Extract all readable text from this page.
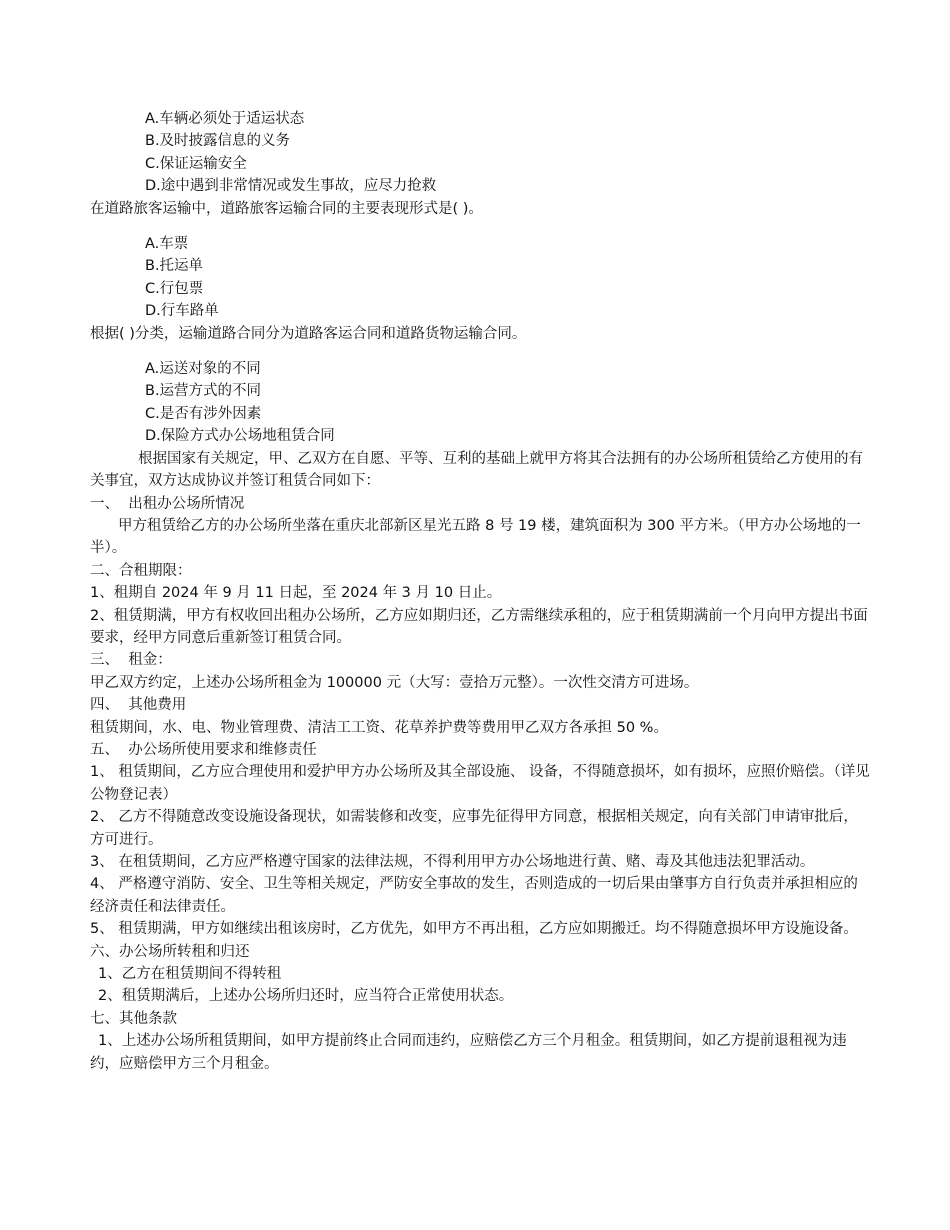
A.车辆必须处于适运状态
B.及时披露信息的义务
C.保证运输安全
D.途中遇到非常情况或发生事故，应尽力抢救
在道路旅客运输中，道路旅客运输合同的主要表现形式是( )。
A.车票
B.托运单
C.行包票
D.行车路单
根据( )分类，运输道路合同分为道路客运合同和道路货物运输合同。
A.运送对象的不同
B.运营方式的不同
C.是否有涉外因素
D.保险方式办公场地租赁合同
根据国家有关规定，甲、乙双方在自愿、平等、互利的基础上就甲方将其合法拥有的办公场所租赁给乙方使用的有关事宜，双方达成协议并签订租赁合同如下：
一、  出租办公场所情况
甲方租赁给乙方的办公场所坐落在重庆北部新区星光五路 8 号 19 楼，建筑面积为 300 平方米。（甲方办公场地的一半）。
二、合租期限：
1、租期自 2024 年 9 月 11 日起，至 2024 年 3 月 10 日止。
2、租赁期满，甲方有权收回出租办公场所，乙方应如期归还，乙方需继续承租的，应于租赁期满前一个月向甲方提出书面要求，经甲方同意后重新签订租赁合同。
三、  租金：
甲乙双方约定，上述办公场所租金为 100000 元（大写：壹拾万元整）。一次性交清方可进场。
四、  其他费用
租赁期间，水、电、物业管理费、清洁工工资、花草养护费等费用甲乙双方各承担 50 %。
五、  办公场所使用要求和维修责任
1、 租赁期间，乙方应合理使用和爱护甲方办公场所及其全部设施、 设备，不得随意损坏，如有损坏，应照价赔偿。（详见公物登记表）
2、 乙方不得随意改变设施设备现状，如需装修和改变，应事先征得甲方同意，根据相关规定，向有关部门申请审批后，方可进行。
3、 在租赁期间，乙方应严格遵守国家的法律法规，不得利用甲方办公场地进行黄、赌、毒及其他违法犯罪活动。
4、 严格遵守消防、安全、卫生等相关规定，严防安全事故的发生，否则造成的一切后果由肇事方自行负责并承担相应的经济责任和法律责任。
5、 租赁期满，甲方如继续出租该房时，乙方优先，如甲方不再出租，乙方应如期搬迁。均不得随意损坏甲方设施设备。
六、办公场所转租和归还
1、乙方在租赁期间不得转租
2、租赁期满后，上述办公场所归还时，应当符合正常使用状态。
七、其他条款
1、上述办公场所租赁期间，如甲方提前终止合同而违约，应赔偿乙方三个月租金。租赁期间，如乙方提前退租视为违约，应赔偿甲方三个月租金。
